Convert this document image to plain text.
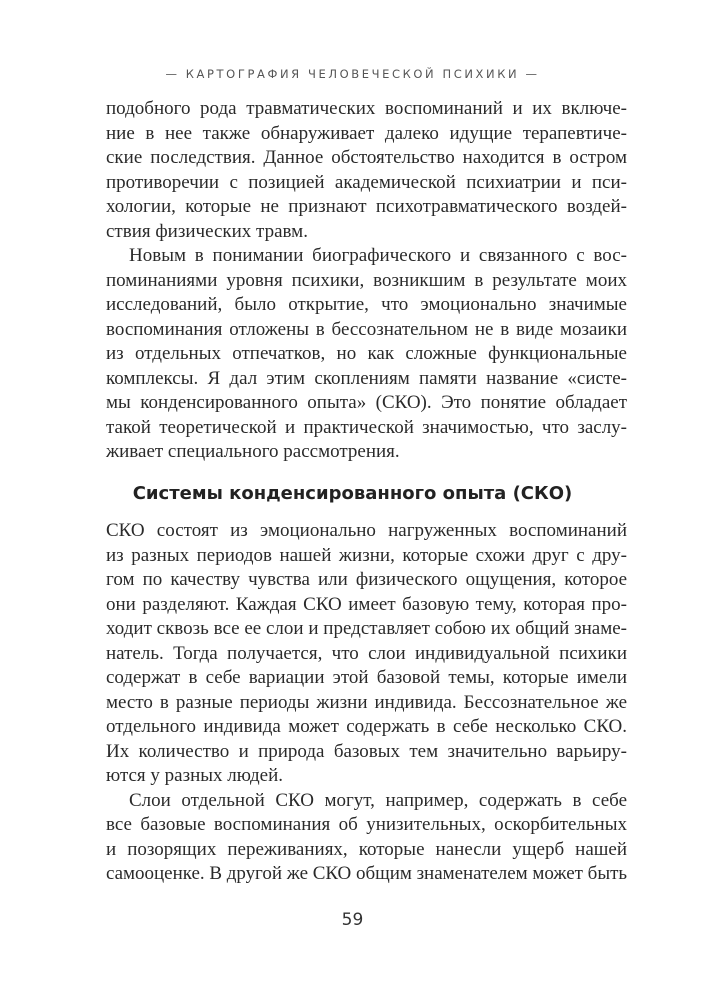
— КАРТОГРАФИЯ ЧЕЛОВЕЧЕСКОЙ ПСИХИКИ —

подобного рода травматических воспоминаний и их включе-
ние в нее также обнаруживает далеко идущие терапевтиче-
ские последствия. Данное обстоятельство находится в остром
противоречии с позицией академической психиатрии и пси-
хологии, которые не признают психотравматического воздей-
ствия физических травм.

Новым в понимании биографического и связанного с вос-
поминаниями уровня психики, возникшим в результате моих
исследований, было открытие, что эмоционально значимые
воспоминания отложены в бессознательном не в виде мозаики
из отдельных отпечатков, но как сложные функциональные
комплексы. Я дал этим скоплениям памяти название «систе-
мы конденсированного опыта» (СКО). Это понятие обладает
такой теоретической и практической значимостью, что заслу-
живает специального рассмотрения.

Системы конденсированного опыта (СКО)

СКО состоят из эмоционально нагруженных воспоминаний
из разных периодов нашей жизни, которые схожи друг с дру-
гом по качеству чувства или физического ощущения, которое
они разделяют. Каждая СКО имеет базовую тему, которая про-
ходит сквозь все ее слои и представляет собою их общий знаме-
натель. Тогда получается, что слои индивидуальной психики
содержат в себе вариации этой базовой темы, которые имели
место в разные периоды жизни индивида. Бессознательное же
отдельного индивида может содержать в себе несколько СКО.
Их количество и природа базовых тем значительно варьиру-
ются у разных людей.

Слои отдельной СКО могут, например, содержать в себе
все базовые воспоминания об унизительных, оскорбительных
и позорящих переживаниях, которые нанесли ущерб нашей
самооценке. В другой же СКО общим знаменателем может быть

59
